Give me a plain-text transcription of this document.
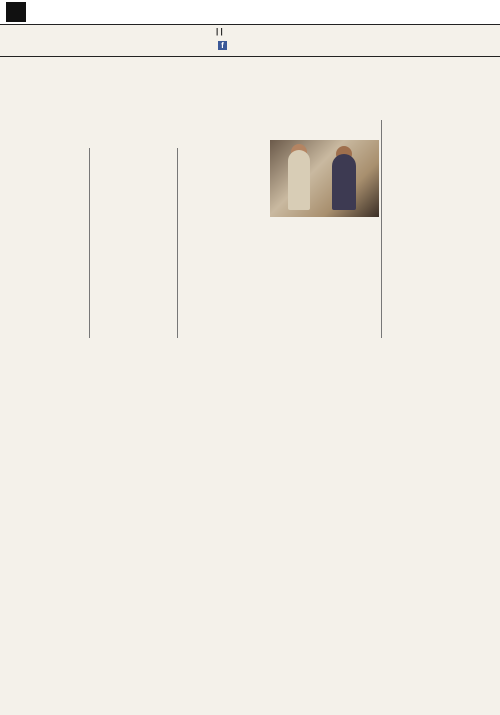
| |
f
